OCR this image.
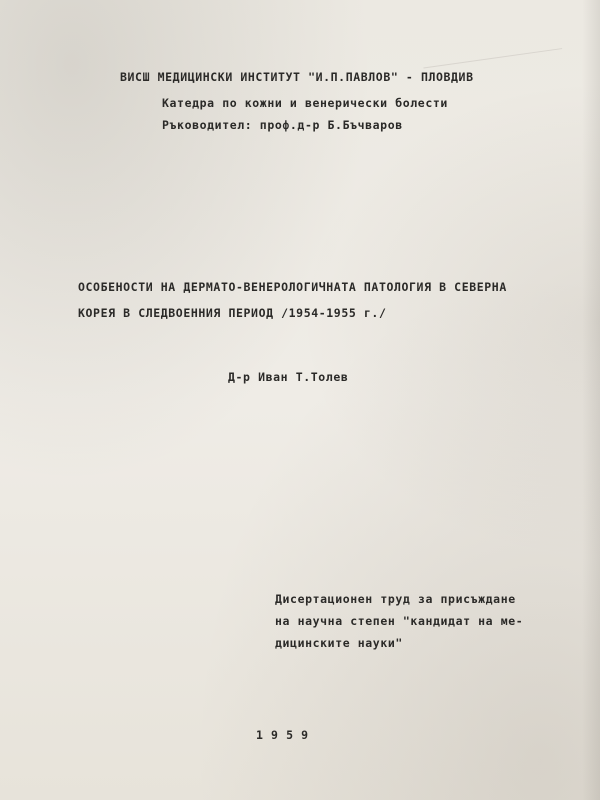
ВИСШ МЕДИЦИНСКИ ИНСТИТУТ "И.П.ПАВЛОВ" - ПЛОВДИВ
Катедра по кожни и венерически болести
Ръководител: проф.д-р Б.Бъчваров
ОСОБЕНОСТИ НА ДЕРМАТО-ВЕНЕРОЛОГИЧНАТА ПАТОЛОГИЯ В СЕВЕРНА
КОРЕЯ В СЛЕДВОЕННИЯ ПЕРИОД /1954-1955 г./
Д-р Иван Т.Толев
Дисертационен труд за присъждане
на научна степен "кандидат на ме-
дицинските науки"
1 9 5 9
